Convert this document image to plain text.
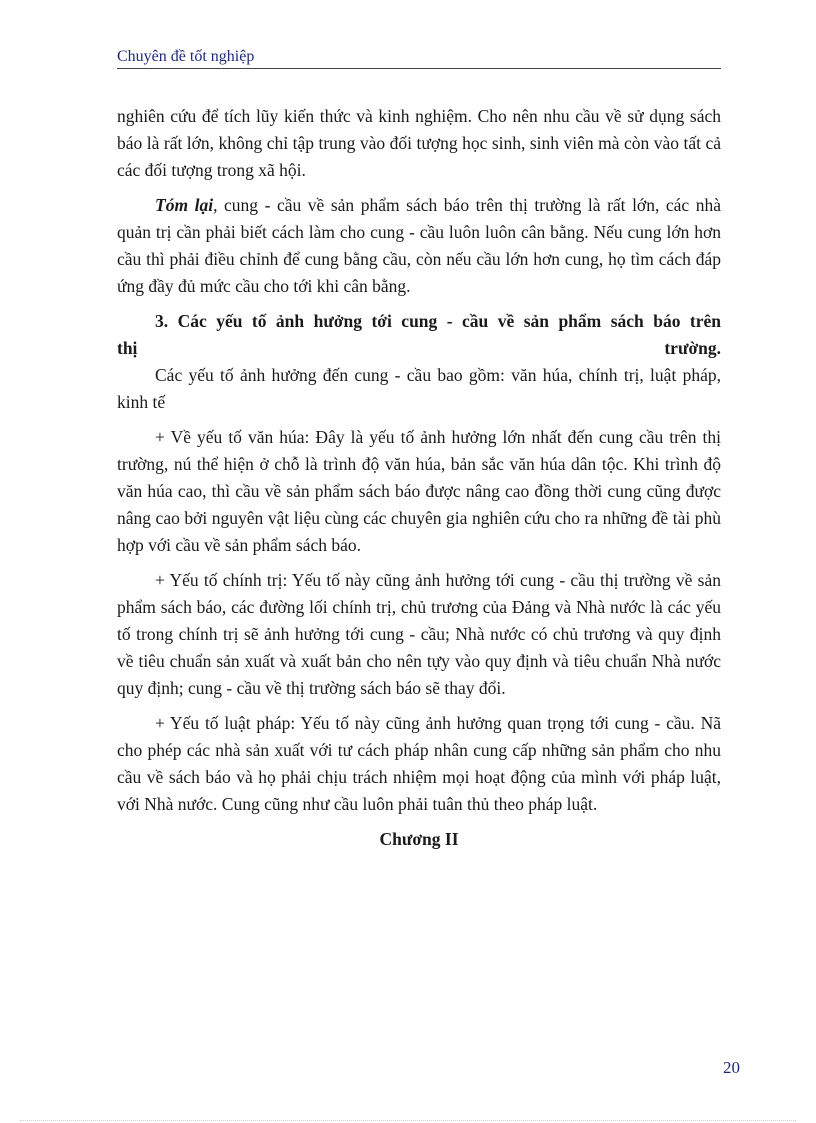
Chuyên đề tốt nghiệp

nghiên cứu để tích lũy kiến thức và kinh nghiệm. Cho nên nhu cầu về sử dụng sách báo là rất lớn, không chỉ tập trung vào đối tượng học sinh, sinh viên mà còn vào tất cả các đối tượng trong xã hội.

Tóm lại, cung - cầu về sản phẩm sách báo trên thị trường là rất lớn, các nhà quản trị cần phải biết cách làm cho cung - cầu luôn luôn cân bằng. Nếu cung lớn hơn cầu thì phải điều chỉnh để cung bằng cầu, còn nếu cầu lớn hơn cung, họ tìm cách đáp ứng đầy đủ mức cầu cho tới khi cân bằng.

3. Các yếu tố ảnh hưởng tới cung - cầu về sản phẩm sách báo trên

thị trường.

Các yếu tố ảnh hưởng đến cung - cầu bao gồm: văn húa, chính trị, luật pháp, kinh tế

+ Về yếu tố văn húa: Đây là yếu tố ảnh hưởng lớn nhất đến cung cầu trên thị trường, nú thể hiện ở chỗ là trình độ văn húa, bản sắc văn húa dân tộc. Khi trình độ văn húa cao, thì cầu về sản phẩm sách báo được nâng cao đồng thời cung cũng được nâng cao bởi nguyên vật liệu cùng các chuyên gia nghiên cứu cho ra những đề tài phù hợp với cầu về sản phẩm sách báo.

+ Yếu tố chính trị: Yếu tố này cũng ảnh hưởng tới cung - cầu thị trường về sản phẩm sách báo, các đường lối chính trị, chủ trương của Đảng và Nhà nước là các yếu tố trong chính trị sẽ ảnh hưởng tới cung - cầu; Nhà nước có chủ trương và quy định về tiêu chuẩn sản xuất và xuất bản cho nên tựy vào quy định và tiêu chuẩn Nhà nước quy định; cung - cầu về thị trường sách báo sẽ thay đổi.

+ Yếu tố luật pháp: Yếu tố này cũng ảnh hưởng quan trọng tới cung - cầu. Nã cho phép các nhà sản xuất với tư cách pháp nhân cung cấp những sản phẩm cho nhu cầu về sách báo và họ phải chịu trách nhiệm mọi hoạt động của mình với pháp luật, với Nhà nước. Cung cũng như cầu luôn phải tuân thủ theo pháp luật.

Chương II
20
